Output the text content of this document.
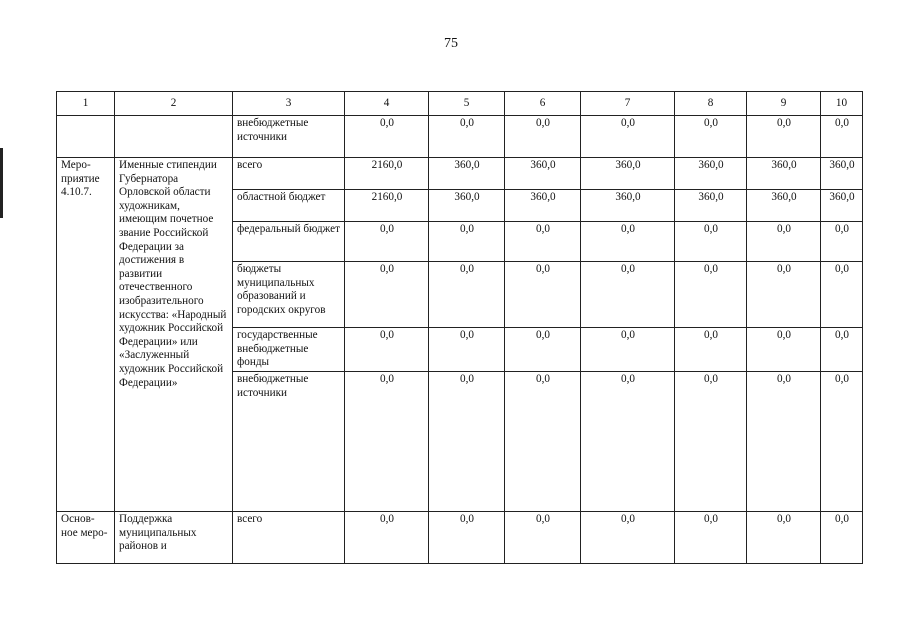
75
1	2	3	4	5	6	7	8	9	10
		внебюджетные источники	0,0	0,0	0,0	0,0	0,0	0,0	0,0
Меро-приятие 4.10.7.	Именные стипендии Губернатора Орловской области художникам, имеющим почетное звание Российской Федерации за достижения в развитии отечественного изобразительного искусства: «Народный художник Российской Федерации» или «Заслуженный художник Российской Федерации»	всего	2160,0	360,0	360,0	360,0	360,0	360,0	360,0
		областной бюджет	2160,0	360,0	360,0	360,0	360,0	360,0	360,0
		федеральный бюджет	0,0	0,0	0,0	0,0	0,0	0,0	0,0
		бюджеты муниципальных образований и городских округов	0,0	0,0	0,0	0,0	0,0	0,0	0,0
		государственные внебюджетные фонды	0,0	0,0	0,0	0,0	0,0	0,0	0,0
		внебюджетные источники	0,0	0,0	0,0	0,0	0,0	0,0	0,0
Основ-ное меро-	Поддержка муниципальных районов и	всего	0,0	0,0	0,0	0,0	0,0	0,0	0,0
